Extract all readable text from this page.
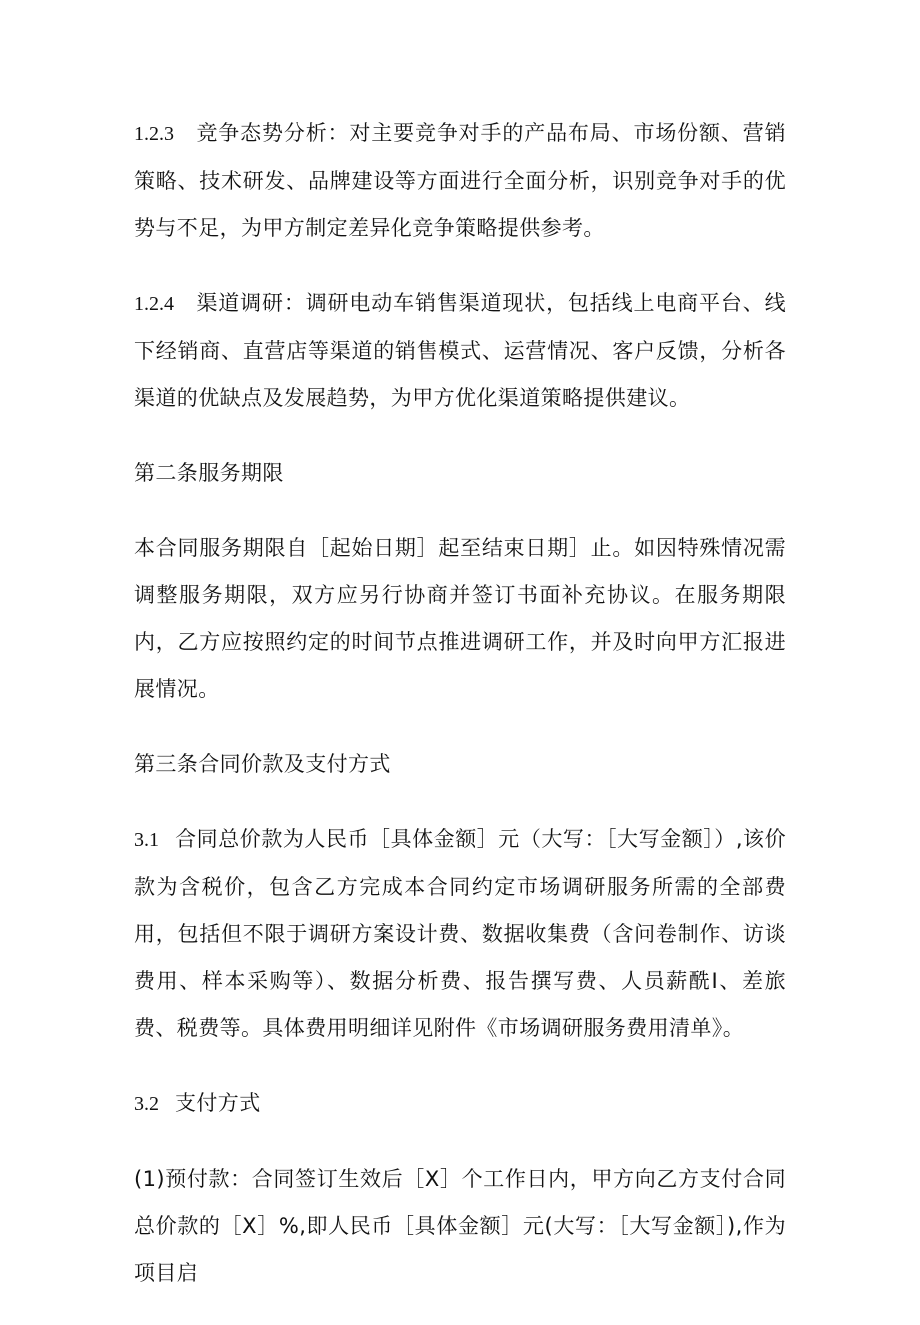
1.2.3 竞争态势分析：对主要竞争对手的产品布局、市场份额、营销策略、技术研发、品牌建设等方面进行全面分析，识别竞争对手的优势与不足，为甲方制定差异化竞争策略提供参考。

1.2.4 渠道调研：调研电动车销售渠道现状，包括线上电商平台、线下经销商、直营店等渠道的销售模式、运营情况、客户反馈，分析各渠道的优缺点及发展趋势，为甲方优化渠道策略提供建议。

第二条服务期限

本合同服务期限自［起始日期］起至结束日期］止。如因特殊情况需调整服务期限，双方应另行协商并签订书面补充协议。在服务期限内，乙方应按照约定的时间节点推进调研工作，并及时向甲方汇报进展情况。

第三条合同价款及支付方式

3.1 合同总价款为人民币［具体金额］元（大写：［大写金额］）,该价款为含税价，包含乙方完成本合同约定市场调研服务所需的全部费用，包括但不限于调研方案设计费、数据收集费（含问卷制作、访谈费用、样本采购等）、数据分析费、报告撰写费、人员薪酰I、差旅费、税费等。具体费用明细详见附件《市场调研服务费用清单》。

3.2 支付方式

(1)预付款：合同签订生效后［X］个工作日内，甲方向乙方支付合同总价款的［X］%,即人民币［具体金额］元(大写：［大写金额］),作为项目启
